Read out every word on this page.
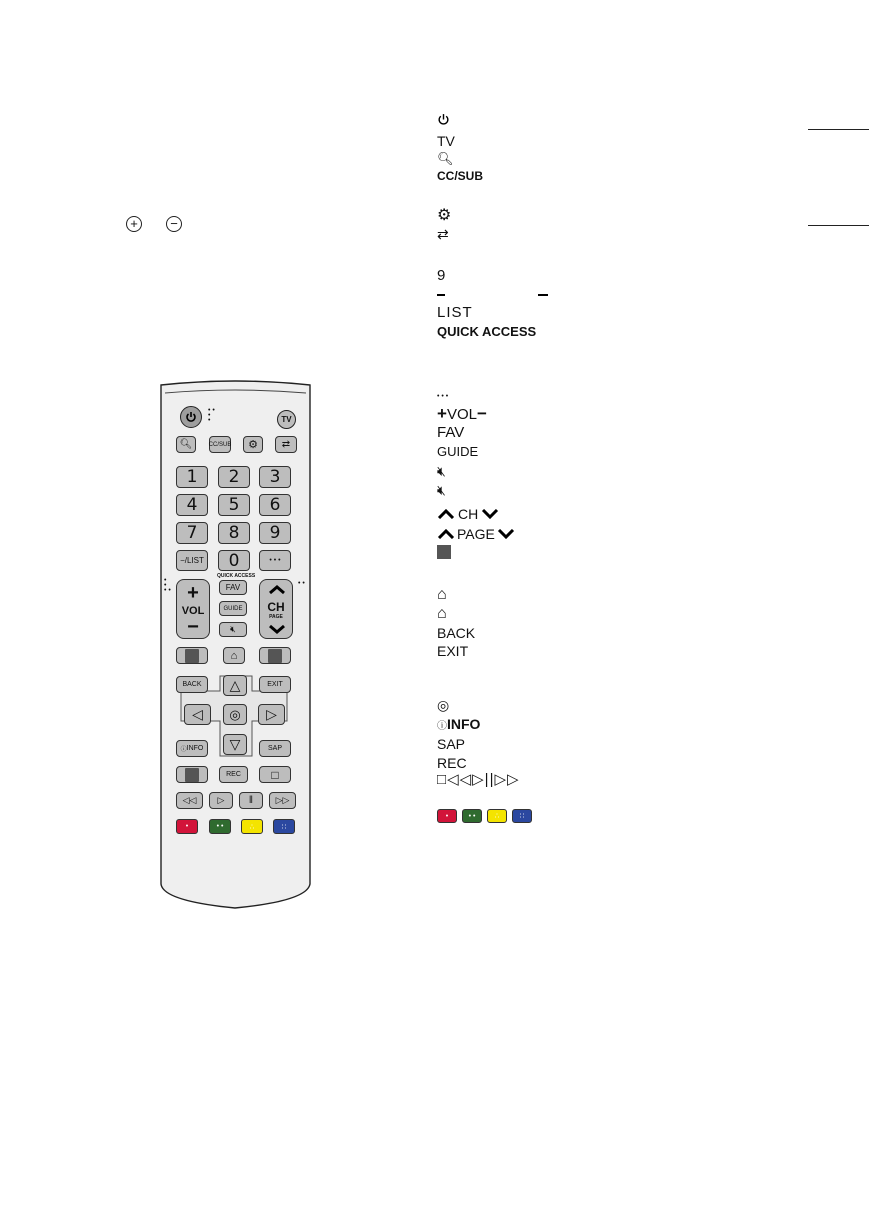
+	−
• •
•
•	TV
🔍︎	CC/SUB ⚙ ⇄
1	2	3
4	5	6
7	8	9
−/LIST	0	• • •
QUICK ACCESS
+
VOL
−
•
•
• •	FAV
GUIDE
🔇︎
CH
PAGE
• •
⌂
BACK	EXIT
△
◁ ◎ ▷
▽
ⓘ INFO	SAP
REC	□
◁◁ ▷ ‖	▷▷
•	• •	∴	∷
TV
🔍︎
CC/SUB
⚙
⇄
9
LIST
QUICK ACCESS
• • •
+VOL−
FAV
GUIDE
🔇︎
🔇︎
CH
PAGE
⌂
⌂
BACK
EXIT
◎
ⓘINFO
SAP
REC
□◁◁▷||▷▷
•	• •	∴	∷
